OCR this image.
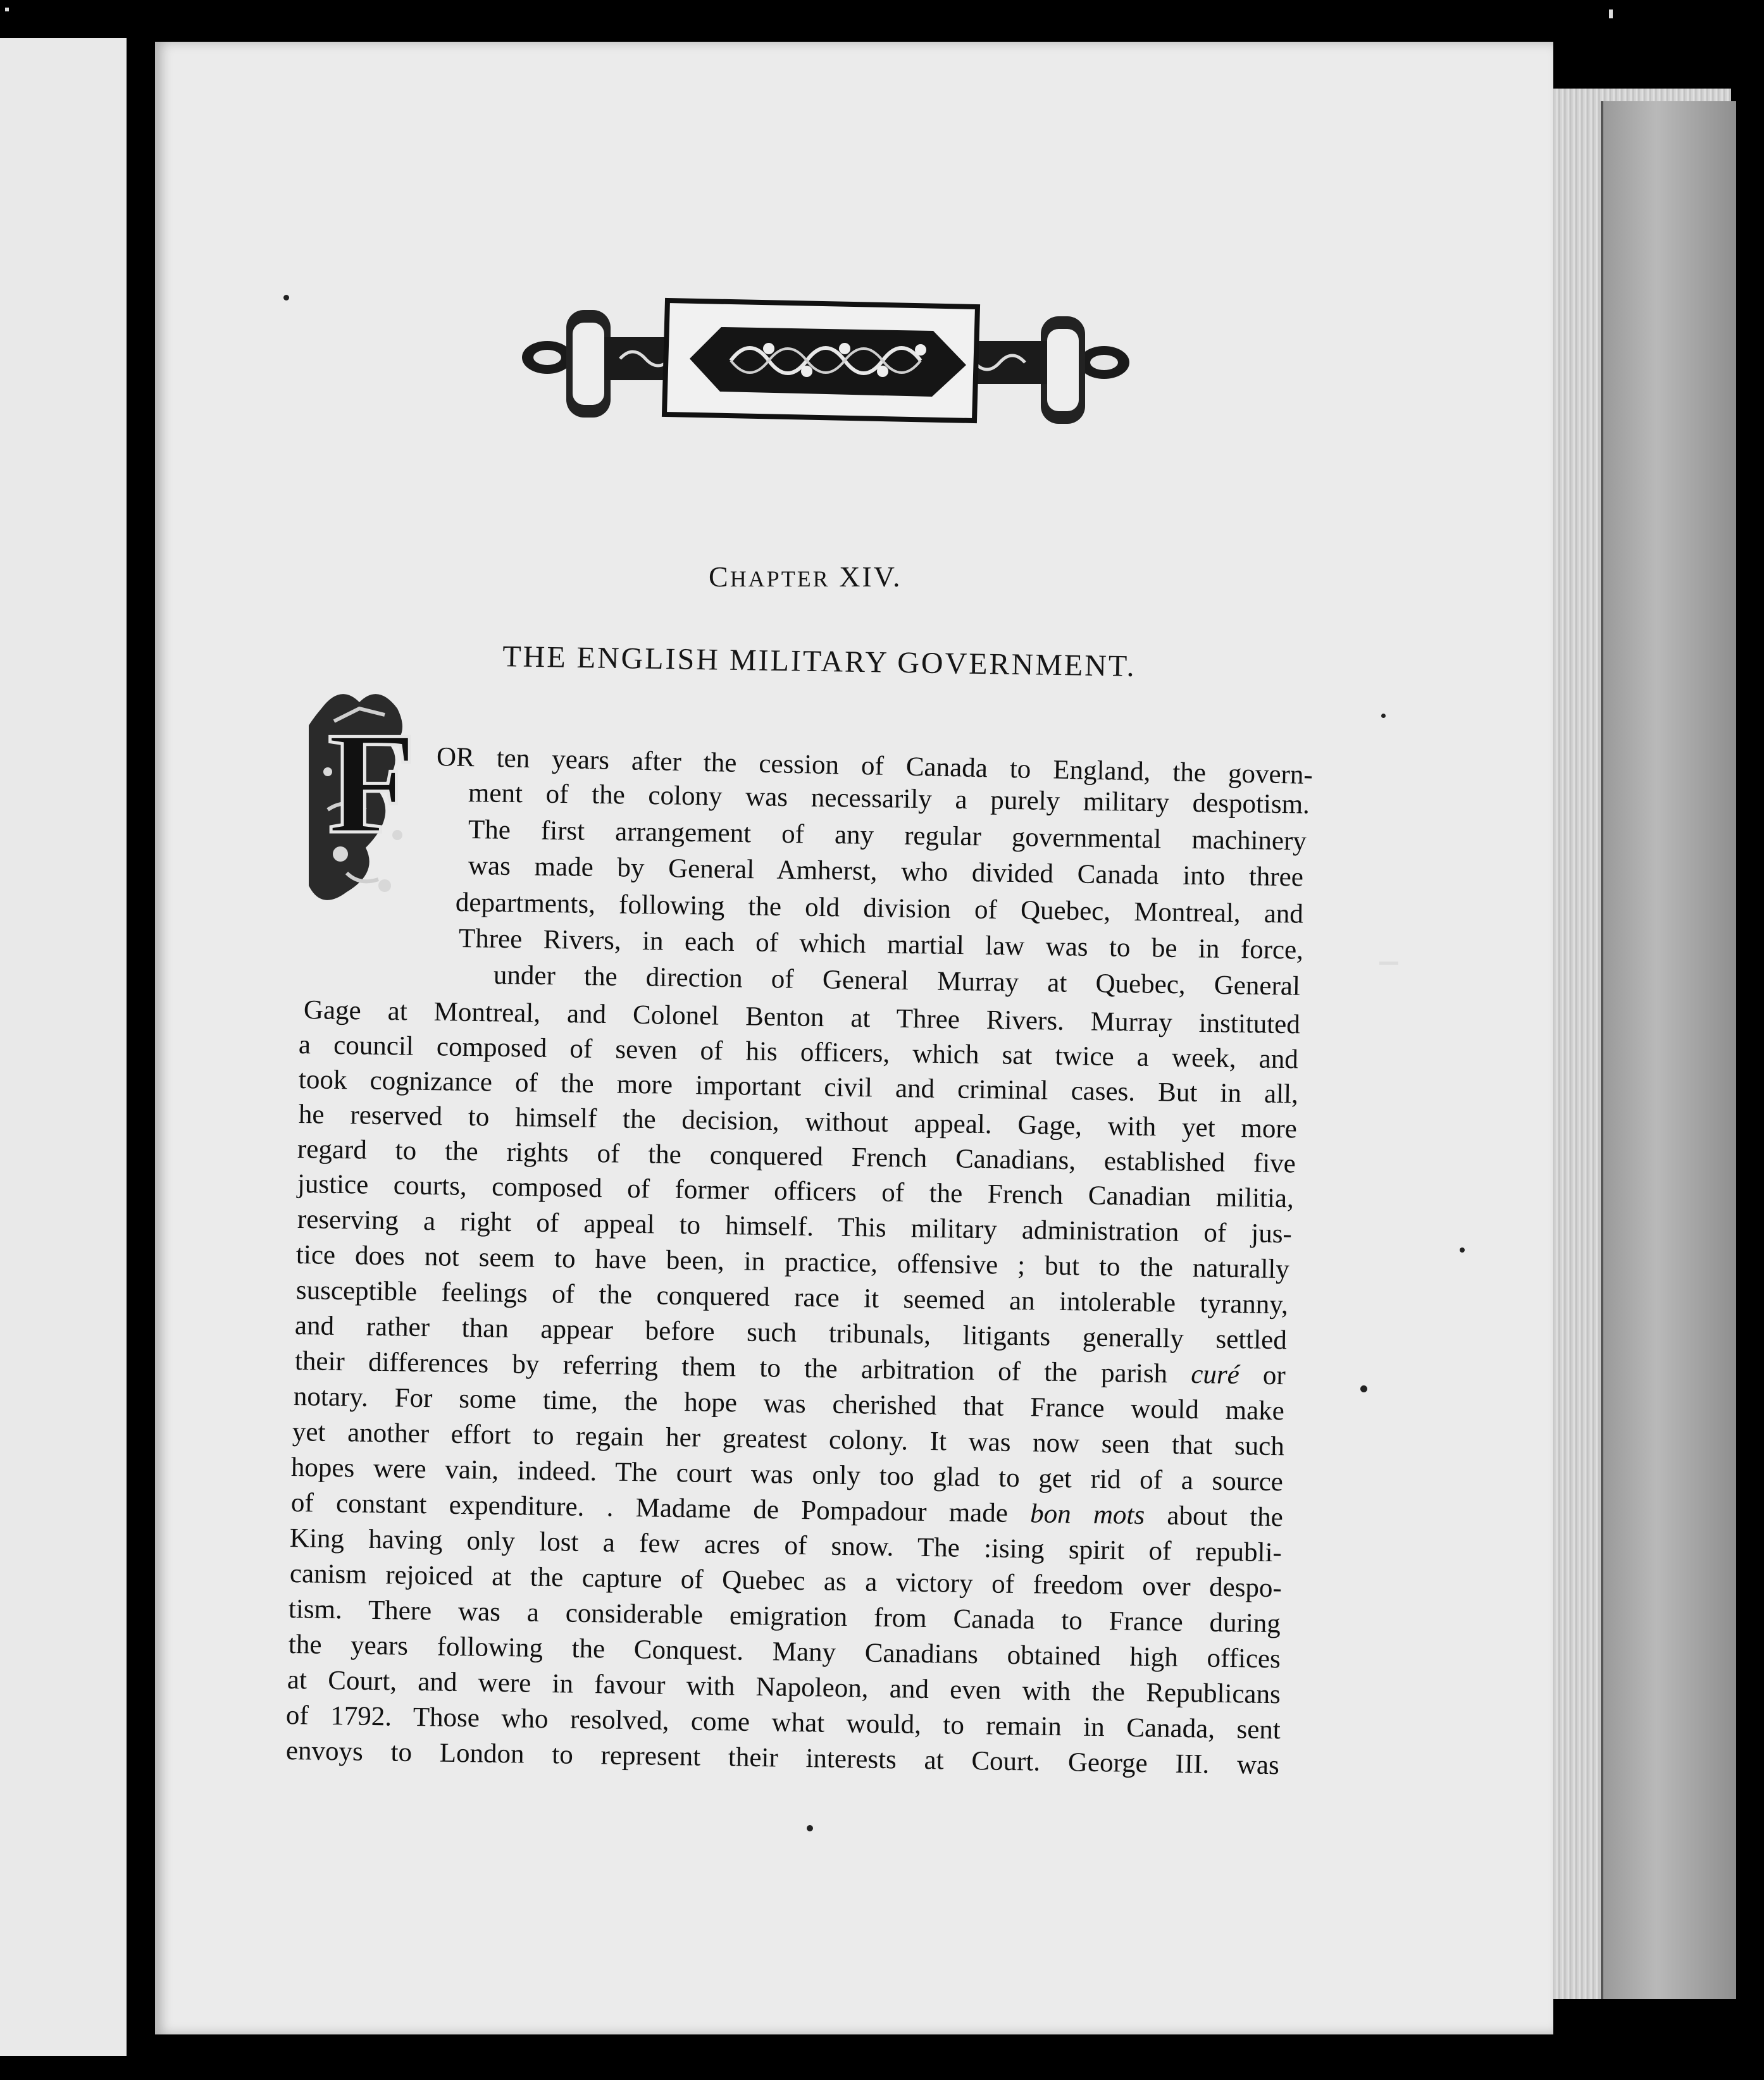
CHAPTER XIV.
THE ENGLISH MILITARY GOVERNMENT.
F OR ten years after the cession of Canada to England, the govern-
ment of the colony was necessarily a purely military despotism.
The first arrangement of any regular governmental machinery
was made by General Amherst, who divided Canada into three
departments, following the old division of Quebec, Montreal, and
Three Rivers, in each of which martial law was to be in force,
under the direction of General Murray at Quebec, General
Gage at Montreal, and Colonel Benton at Three Rivers. Murray instituted
a council composed of seven of his officers, which sat twice a week, and
took cognizance of the more important civil and criminal cases. But in all,
he reserved to himself the decision, without appeal. Gage, with yet more
regard to the rights of the conquered French Canadians, established five
justice courts, composed of former officers of the French Canadian militia,
reserving a right of appeal to himself. This military administration of jus-
tice does not seem to have been, in practice, offensive ; but to the naturally
susceptible feelings of the conquered race it seemed an intolerable tyranny,
and rather than appear before such tribunals, litigants generally settled
their differences by referring them to the arbitration of the parish curé or
notary. For some time, the hope was cherished that France would make
yet another effort to regain her greatest colony. It was now seen that such
hopes were vain, indeed. The court was only too glad to get rid of a source
of constant expenditure. . Madame de Pompadour made bon mots about the
King having only lost a few acres of snow. The :ising spirit of republi-
canism rejoiced at the capture of Quebec as a victory of freedom over despo-
tism. There was a considerable emigration from Canada to France during
the years following the Conquest. Many Canadians obtained high offices
at Court, and were in favour with Napoleon, and even with the Republicans
of 1792. Those who resolved, come what would, to remain in Canada, sent
envoys to London to represent their interests at Court. George III. was
